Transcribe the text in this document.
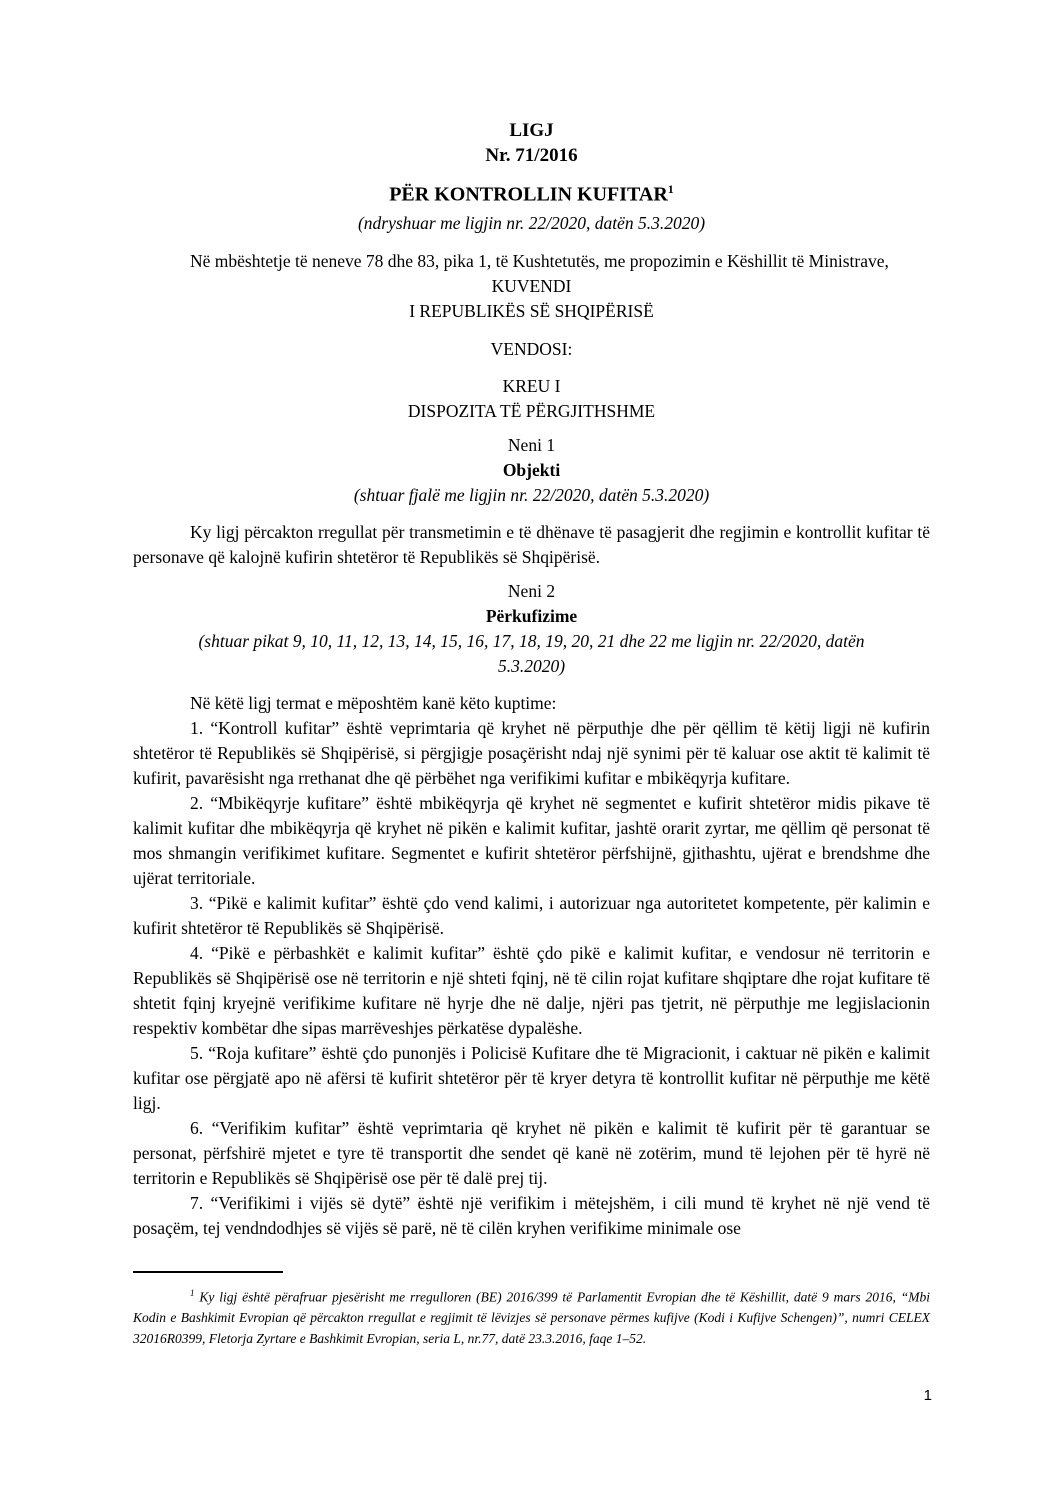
LIGJ

Nr. 71/2016

PËR KONTROLLIN KUFITAR$^1$

(ndryshuar me ligjin nr. 22/2020, datën 5.3.2020)

Në mbështetje të neneve 78 dhe 83, pika 1, të Kushtetutës, me propozimin e Këshillit të Ministrave,

KUVENDI

I REPUBLIKËS SË SHQIPËRISË

VENDOSI:

KREU I

DISPOZITA TË PËRGJITHSHME

Neni 1

Objekti

(shtuar fjalë me ligjin nr. 22/2020, datën 5.3.2020)

Ky ligj përcakton rregullat për transmetimin e të dhënave të pasagjerit dhe regjimin e kontrollit kufitar të personave që kalojnë kufirin shtetëror të Republikës së Shqipërisë.

Neni 2

Përkufizime

(shtuar pikat 9, 10, 11, 12, 13, 14, 15, 16, 17, 18, 19, 20, 21 dhe 22 me ligjin nr. 22/2020, datën 5.3.2020)

Në këtë ligj termat e mëposhtëm kanë këto kuptime:

1. “Kontroll kufitar” është veprimtaria që kryhet në përputhje dhe për qëllim të këtij ligji në kufirin shtetëror të Republikës së Shqipërisë, si përgjigje posaçërisht ndaj një synimi për të kaluar ose aktit të kalimit të kufirit, pavarësisht nga rrethanat dhe që përbëhet nga verifikimi kufitar e mbikëqyrja kufitare.

2. “Mbikëqyrje kufitare” është mbikëqyrja që kryhet në segmentet e kufirit shtetëror midis pikave të kalimit kufitar dhe mbikëqyrja që kryhet në pikën e kalimit kufitar, jashtë orarit zyrtar, me qëllim që personat të mos shmangin verifikimet kufitare. Segmentet e kufirit shtetëror përfshijnë, gjithashtu, ujërat e brendshme dhe ujërat territoriale.

3. “Pikë e kalimit kufitar” është çdo vend kalimi, i autorizuar nga autoritetet kompetente, për kalimin e kufirit shtetëror të Republikës së Shqipërisë.

4. “Pikë e përbashkët e kalimit kufitar” është çdo pikë e kalimit kufitar, e vendosur në territorin e Republikës së Shqipërisë ose në territorin e një shteti fqinj, në të cilin rojat kufitare shqiptare dhe rojat kufitare të shtetit fqinj kryejnë verifikime kufitare në hyrje dhe në dalje, njëri pas tjetrit, në përputhje me legjislacionin respektiv kombëtar dhe sipas marrëveshjes përkatëse dypalëshe.

5. “Roja kufitare” është çdo punonjës i Policisë Kufitare dhe të Migracionit, i caktuar në pikën e kalimit kufitar ose përgjatë apo në afërsi të kufirit shtetëror për të kryer detyra të kontrollit kufitar në përputhje me këtë ligj.

6. “Verifikim kufitar” është veprimtaria që kryhet në pikën e kalimit të kufirit për të garantuar se personat, përfshirë mjetet e tyre të transportit dhe sendet që kanë në zotërim, mund të lejohen për të hyrë në territorin e Republikës së Shqipërisë ose për të dalë prej tij.

7. “Verifikimi i vijës së dytë” është një verifikim i mëtejshëm, i cili mund të kryhet në një vend të posaçëm, tej vendndodhjes së vijës së parë, në të cilën kryhen verifikime minimale ose

$^1$ Ky ligj është përafruar pjesërisht me rregulloren (BE) 2016/399 të Parlamentit Evropian dhe të Këshillit, datë 9 mars 2016, “Mbi Kodin e Bashkimit Evropian që përcakton rregullat e regjimit të lëvizjes së personave përmes kufijve (Kodi i Kufijve Schengen)”, numri CELEX 32016R0399, Fletorja Zyrtare e Bashkimit Evropian, seria L, nr.77, datë 23.3.2016, faqe 1–52.

1
